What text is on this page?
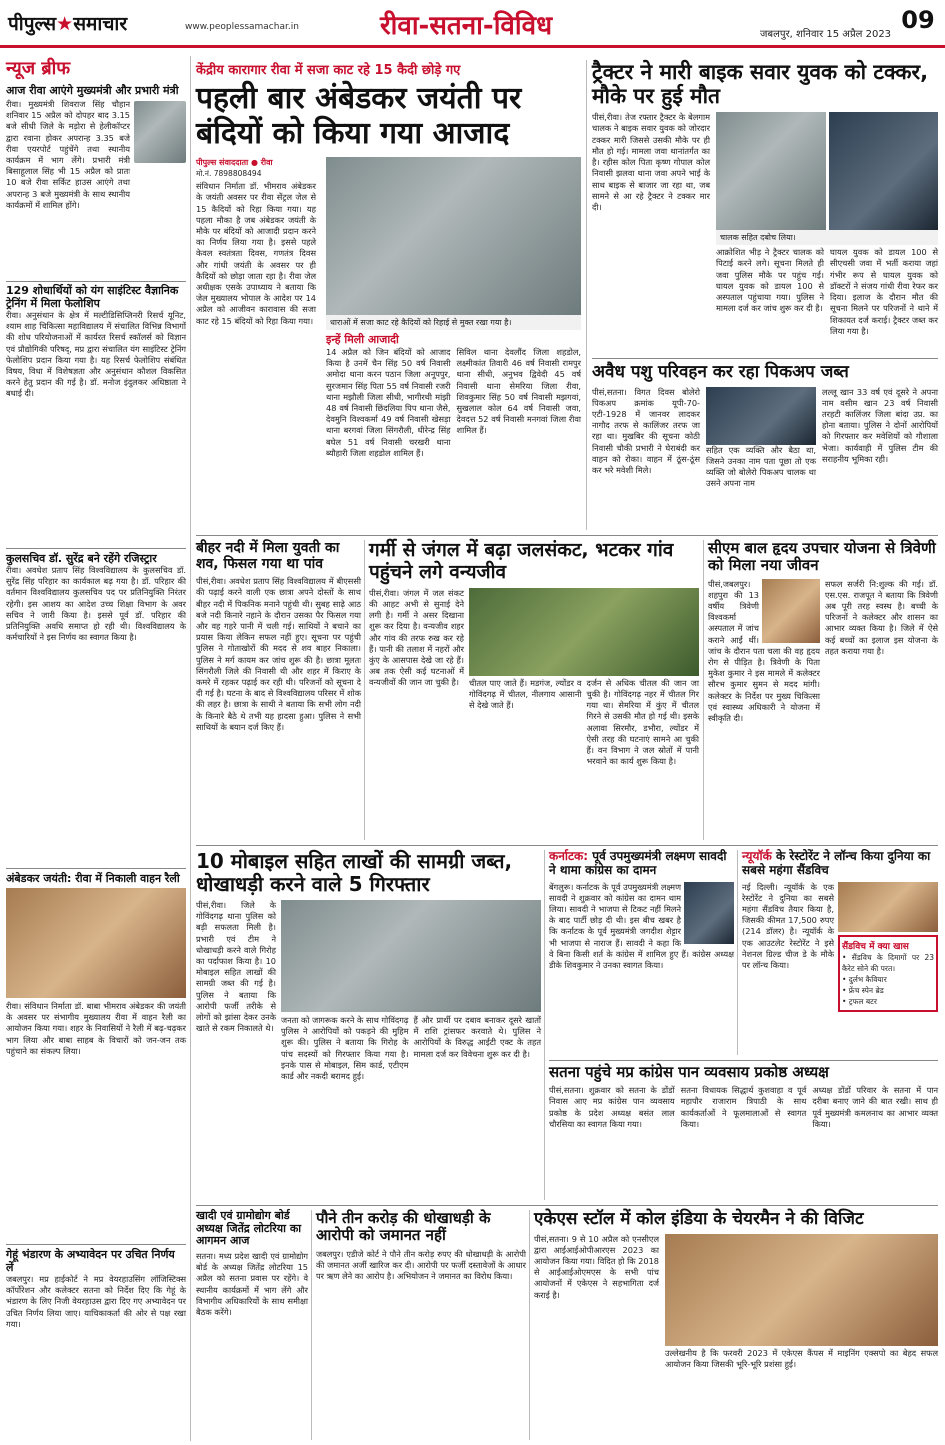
पीपुल्स★समाचार	www.peoplessamachar.in	रीवा-सतना-विविध	जबलपुर, शनिवार 15 अप्रैल 2023
09
न्यूज ब्रीफ
आज रीवा आएंगे मुख्यमंत्री और प्रभारी मंत्री
रीवा। मुख्यमंत्री शिवराज सिंह चौहान शनिवार 15 अप्रैल को दोपहर बाद 3.15 बजे सीधी जिले के मड़ोरा से हेलीकॉप्टर द्वारा रवाना होकर अपरान्ह 3.35 बजे रीवा एयरपोर्ट पहुंचेंगे तथा स्थानीय कार्यक्रम में भाग लेंगे। प्रभारी मंत्री बिसाहूलाल सिंह भी 15 अप्रैल को प्रातः 10 बजे रीवा सर्किट हाउस आएंगे तथा अपरान्ह 3 बजे मुख्यमंत्री के साथ स्थानीय कार्यक्रमों में शामिल होंगे।
129 शोधार्थियों को यंग साइंटिस्ट वैज्ञानिक ट्रेनिंग में मिला फेलोशिप
रीवा। अनुसंधान के क्षेत्र में मल्टीडिसिप्लिनरी रिसर्च यूनिट, श्याम शाह चिकित्सा महाविद्यालय में संचालित विभिन्न विभागों की शोध परियोजनाओं में कार्यरत रिसर्च स्कॉलर्स को विज्ञान एवं प्रौद्योगिकी परिषद्, मप्र द्वारा संचालित यंग साइंटिस्ट ट्रेनिंग फेलोशिप प्रदान किया गया है। यह रिसर्च फेलोशिप संबंधित विषय, विधा में विशेषज्ञता और अनुसंधान कौशल विकसित करने हेतु प्रदान की गई है। डॉ. मनोज इंदुलकर अधिष्ठाता ने बधाई दी।
कुलसचिव डॉ. सुरेंद्र बने रहेंगे रजिस्ट्रार
रीवा। अवधेश प्रताप सिंह विश्वविद्यालय के कुलसचिव डॉ. सुरेंद्र सिंह परिहार का कार्यकाल बढ़ गया है। डॉ. परिहार की वर्तमान विश्वविद्यालय कुलसचिव पद पर प्रतिनियुक्ति निरंतर रहेगी। इस आशय का आदेश उच्च शिक्षा विभाग के अवर सचिव ने जारी किया है। इससे पूर्व डॉ. परिहार की प्रतिनियुक्ति अवधि समाप्त हो रही थी। विश्वविद्यालय के कर्मचारियों ने इस निर्णय का स्वागत किया है।
अंबेडकर जयंती: रीवा में निकाली वाहन रैली
रीवा। संविधान निर्माता डॉ. बाबा भीमराव अंबेडकर की जयंती के अवसर पर संभागीय मुख्यालय रीवा में वाहन रैली का आयोजन किया गया। शहर के निवासियों ने रैली में बढ़-चढ़कर भाग लिया और बाबा साहब के विचारों को जन-जन तक पहुंचाने का संकल्प लिया।
गेहूं भंडारण के अभ्यावेदन पर उचित निर्णय लें
जबलपुर। मप्र हाईकोर्ट ने मप्र वेयरहाउसिंग लॉजिस्टिक्स कॉर्पोरेशन और कलेक्टर सतना को निर्देश दिए कि गेहूं के भंडारण के लिए निजी वेयरहाउस द्वारा दिए गए अभ्यावेदन पर उचित निर्णय लिया जाए। याचिकाकर्ता की ओर से पक्ष रखा गया।
केंद्रीय कारागार रीवा में सजा काट रहे 15 कैदी छोड़े गए
पहली बार अंबेडकर जयंती पर बंदियों को किया गया आजाद
पीपुल्स संवाददाता ● रीवा
मो.नं. 7898808494
संविधान निर्माता डॉ. भीमराव अंबेडकर के जयंती अवसर पर रीवा सेंट्रल जेल से 15 कैदियों को रिहा किया गया। यह पहला मौका है जब अंबेडकर जयंती के मौके पर बंदियों को आजादी प्रदान करने का निर्णय लिया गया है। इससे पहले केवल स्वतंत्रता दिवस, गणतंत्र दिवस और गांधी जयंती के अवसर पर ही कैदियों को छोड़ा जाता रहा है। रीवा जेल अधीक्षक एसके उपाध्याय ने बताया कि जेल मुख्यालय भोपाल के आदेश पर 14 अप्रैल को आजीवन कारावास की सजा काट रहे 15 बंदियों को रिहा किया गया।	धाराओं में सजा काट रहे कैदियों को रिहाई से मुक्त रखा गया है।
इन्हें मिली आजादी
14 अप्रैल को जिन बंदियों को आजाद किया है उनमें चैन सिंह 50 वर्ष निवासी अमोदा थाना करन पठान जिला अनूपपुर, सुरजमान सिंह पिता 55 वर्ष निवासी रजरी थाना मझौली जिला सीधी, भागीरथी मांझी 48 वर्ष निवासी छिंदलिया पिप थाना जैसे, देवमुनि विश्वकर्मा 49 वर्ष निवासी खेसड़ा थाना बरगवां जिला सिंगरौली, धीरेन्द्र सिंह बघेल 51 वर्ष निवासी चरखरी थाना ब्यौहारी जिला शहडोल शामिल हैं।
सिविल थाना देवलौंद जिला शहडोल, लक्ष्मीकांत तिवारी 46 वर्ष निवासी रामपुर थाना सीधी, अनुभव द्विवेदी 45 वर्ष निवासी थाना सेमरिया जिला रीवा, शिवकुमार सिंह 50 वर्ष निवासी मझगवां, सुखलाल कोल 64 वर्ष निवासी जवा, देवदत्त 52 वर्ष निवासी मनगवां जिला रीवा शामिल हैं।
ट्रैक्टर ने मारी बाइक सवार युवक को टक्कर, मौके पर हुई मौत
पीसं,रीवा। तेज रफ्तार ट्रैक्टर के बेलगाम चालक ने बाइक सवार युवक को जोरदार टक्कर मारी जिससे उसकी मौके पर ही मौत हो गई। मामला जवा थानांतर्गत का है। रहीस कोल पिता कृष्ण गोपाल कोल निवासी झलवा थाना जवा अपने भाई के साथ बाइक से बाजार जा रहा था, जब सामने से आ रहे ट्रैक्टर ने टक्कर मार दी।
चालक सहित दबोच लिया।
आक्रोशित भीड़ ने ट्रैक्टर चालक को पिटाई करने लगे। सूचना मिलते ही जवा पुलिस मौके पर पहुंच गई। घायल युवक को डायल 100 से अस्पताल पहुंचाया गया। पुलिस ने मामला दर्ज कर जांच शुरू कर दी है।
घायल युवक को डायल 100 से सीएचसी जवा में भर्ती कराया जहां गंभीर रूप से घायल युवक को डॉक्टरों ने संजय गांधी रीवा रेफर कर दिया। इलाज के दौरान मौत की सूचना मिलने पर परिजनों ने थाने में शिकायत दर्ज कराई। ट्रैक्टर जब्त कर लिया गया है।
अवैध पशु परिवहन कर रहा पिकअप जब्त
पीसं,सतना। विगत दिवस बोलेरो पिकअप क्रमांक यूपी-70-एटी-1928 में जानवर लादकर नागौद तरफ से कालिंजर तरफ जा रहा था। मुखबिर की सूचना कोठी निवासी चौकी प्रभारी ने घेराबंदी कर वाहन को रोका। वाहन में ठूंस-ठूंस कर भरे मवेशी मिले।
सहित एक व्यक्ति और बैठा था, जिसने उनका नाम पता पूछा तो एक व्यक्ति जो बोलेरो पिकअप चालक था उसने अपना नाम
लल्लू खान 33 वर्ष एवं दूसरे ने अपना नाम वसीम खान 23 वर्ष निवासी तरहटी कालिंजर जिला बांदा उप्र. का होना बताया। पुलिस ने दोनों आरोपियों को गिरफ्तार कर मवेशियों को गौशाला भेजा। कार्यवाही में पुलिस टीम की सराहनीय भूमिका रही।
बीहर नदी में मिला युवती का शव, फिसल गया था पांव
पीसं,रीवा। अवधेश प्रताप सिंह विश्वविद्यालय में बीएससी की पढ़ाई करने वाली एक छात्रा अपने दोस्तों के साथ बीहर नदी में पिकनिक मनाने पहुंची थी। सुबह साढ़े आठ बजे नदी किनारे नहाने के दौरान उसका पैर फिसल गया और वह गहरे पानी में चली गई। साथियों ने बचाने का प्रयास किया लेकिन सफल नहीं हुए। सूचना पर पहुंची पुलिस ने गोताखोरों की मदद से शव बाहर निकाला। पुलिस ने मर्ग कायम कर जांच शुरू की है। छात्रा मूलतः सिंगरौली जिले की निवासी थी और शहर में किराए के कमरे में रहकर पढ़ाई कर रही थी। परिजनों को सूचना दे दी गई है। घटना के बाद से विश्वविद्यालय परिसर में शोक की लहर है। छात्रा के साथी ने बताया कि सभी लोग नदी के किनारे बैठे थे तभी यह हादसा हुआ। पुलिस ने सभी साथियों के बयान दर्ज किए हैं।
गर्मी से जंगल में बढ़ा जलसंकट, भटकर गांव पहुंचने लगे वन्यजीव
पीसं,रीवा। जंगल में जल संकट की आहट अभी से सुनाई देने लगी है। गर्मी ने असर दिखाना शुरू कर दिया है। वन्यजीव शहर और गांव की तरफ रुख कर रहे हैं। पानी की तलाश में नहरों और कुंए के आसपास देखे जा रहे हैं। अब तक ऐसी कई घटनाओं में वन्यजीवों की जान जा चुकी है।	चीतल पाए जाते हैं। मडगंज, ल्योंडर व गोविंदगढ़ में चीतल, नीलगाय आसानी से देखे जाते हैं।
दर्जन से अधिक चीतल की जान जा चुकी है। गोविंदगढ़ नहर में चीतल गिर गया था। सेमरिया में कुंए में चीतल गिरने से उसकी मौत हो गई थी। इसके अलावा सिरमौर, डभौरा, ल्योंडर में ऐसी तरह की घटनाएं सामने आ चुकी हैं। वन विभाग ने जल स्रोतों में पानी भरवाने का कार्य शुरू किया है।
सीएम बाल हृदय उपचार योजना से त्रिवेणी को मिला नया जीवन
पीसं,जबलपुर। शहपुरा की 13 वर्षीय त्रिवेणी विश्वकर्मा अस्पताल में जांच कराने आईं थीं। जांच के दौरान पता चला की वह हृदय रोग से पीड़ित है। त्रिवेणी के पिता मुकेश कुमार ने इस मामले में कलेक्टर सौरभ कुमार सुमन से मदद मांगी। कलेक्टर के निर्देश पर मुख्य चिकित्सा एवं स्वास्थ्य अधिकारी ने योजना में स्वीकृति दी।
सफल सर्जरी नि:शुल्क की गई। डॉ. एस.एस. राजपूत ने बताया कि त्रिवेणी अब पूरी तरह स्वस्थ है। बच्ची के परिजनों ने कलेक्टर और शासन का आभार व्यक्त किया है। जिले में ऐसे कई बच्चों का इलाज इस योजना के तहत कराया गया है।
10 मोबाइल सहित लाखों की सामग्री जब्त, धोखाधड़ी करने वाले 5 गिरफ्तार
पीसं,रीवा। जिले के गोविंदगढ़ थाना पुलिस को बड़ी सफलता मिली है। प्रभारी एवं टीम ने धोखाधड़ी करने वाले गिरोह का पर्दाफाश किया है। 10 मोबाइल सहित लाखों की सामग्री जब्त की गई है। पुलिस ने बताया कि आरोपी फर्जी तरीके से लोगों को झांसा देकर उनके खाते से रकम निकालते थे।
जनता को जागरूक करने के साथ गोविंदगढ़ पुलिस ने आरोपियों को पकड़ने की मुहिम शुरू की। पुलिस ने बताया कि गिरोह के पांच सदस्यों को गिरफ्तार किया गया है। इनके पास से मोबाइल, सिम कार्ड, एटीएम कार्ड और नकदी बरामद हुई।
हैं और प्रार्थी पर दबाव बनाकर दूसरे खातों में राशि ट्रांसफर करवाते थे। पुलिस ने आरोपियों के विरुद्ध आईटी एक्ट के तहत मामला दर्ज कर विवेचना शुरू कर दी है।
कर्नाटक: पूर्व उपमुख्यमंत्री लक्ष्मण सावदी ने थामा कांग्रेस का दामन
बेंगलुरू। कर्नाटक के पूर्व उपमुख्यमंत्री लक्ष्मण सावदी ने शुक्रवार को कांग्रेस का दामन थाम लिया। सावदी ने भाजपा से टिकट नहीं मिलने के बाद पार्टी छोड़ दी थी। इस बीच खबर है कि कर्नाटक के पूर्व मुख्यमंत्री जगदीश शेट्टार भी भाजपा से नाराज हैं। सावदी ने कहा कि वे बिना किसी शर्त के कांग्रेस में शामिल हुए हैं। कांग्रेस अध्यक्ष डीके शिवकुमार ने उनका स्वागत किया।
न्यूयॉर्क के रेस्टोरेंट ने लॉन्च किया दुनिया का सबसे महंगा सैंडविच
नई दिल्ली। न्यूयॉर्क के एक रेस्टोरेंट ने दुनिया का सबसे महंगा सैंडविच तैयार किया है, जिसकी कीमत 17,500 रुपए (214 डॉलर) है। न्यूयॉर्क के एक आउटलेट रेस्टोरेंट ने इसे नेशनल ग्रिल्ड चीज डे के मौके पर लॉन्च किया।
सैंडविच में क्या खास
• सैंडविच के दिमागों पर 23 कैरेट सोने की परत।
• दुर्लभ कैवियार
• फ्रेंच स्पेन ब्रेड
• ट्रफल बटर
सतना पहुंचे मप्र कांग्रेस पान व्यवसाय प्रकोष्ठ अध्यक्ष
पीसं,सतना। शुक्रवार को सतना के डोंडों निवास आए मप्र कांग्रेस पान व्यवसाय प्रकोष्ठ के प्रदेश अध्यक्ष बसंत लाल चौरसिया का स्वागत किया गया।
सतना विधायक सिद्धार्थ कुशवाहा व पूर्व महापौर राजाराम त्रिपाठी के साथ कार्यकर्ताओं ने फूलमालाओं से स्वागत किया।
अध्यक्ष डोंडों परिवार के सतना में पान दरीबा बनाए जाने की बात रखी। साथ ही पूर्व मुख्यमंत्री कमलनाथ का आभार व्यक्त किया।
खादी एवं ग्रामोद्योग बोर्ड अध्यक्ष जितेंद्र लोटरिया का आगमन आज
सतना। मध्य प्रदेश खादी एवं ग्रामोद्योग बोर्ड के अध्यक्ष जितेंद्र लोटरिया 15 अप्रैल को सतना प्रवास पर रहेंगे। वे स्थानीय कार्यक्रमों में भाग लेंगे और विभागीय अधिकारियों के साथ समीक्षा बैठक करेंगे।
पौने तीन करोड़ की धोखाधड़ी के आरोपी को जमानत नहीं
जबलपुर। एडीजे कोर्ट ने पौने तीन करोड़ रुपए की धोखाधड़ी के आरोपी की जमानत अर्जी खारिज कर दी। आरोपी पर फर्जी दस्तावेजों के आधार पर ऋण लेने का आरोप है। अभियोजन ने जमानत का विरोध किया।
एकेएस स्टॉल में कोल इंडिया के चेयरमैन ने की विजिट
पीसं,सतना। 9 से 10 अप्रैल को एनसीएल द्वारा आईआईओपीआरएस 2023 का आयोजन किया गया। विदित हो कि 2018 से आईआईओएमएस के सभी पांच आयोजनों में एकेएस ने सहभागिता दर्ज कराई है।
उल्लेखनीय है कि फरवरी 2023 में एकेएस कैंपस में माइनिंग एक्सपो का बेहद सफल आयोजन किया जिसकी भूरि-भूरि प्रशंसा हुई।
